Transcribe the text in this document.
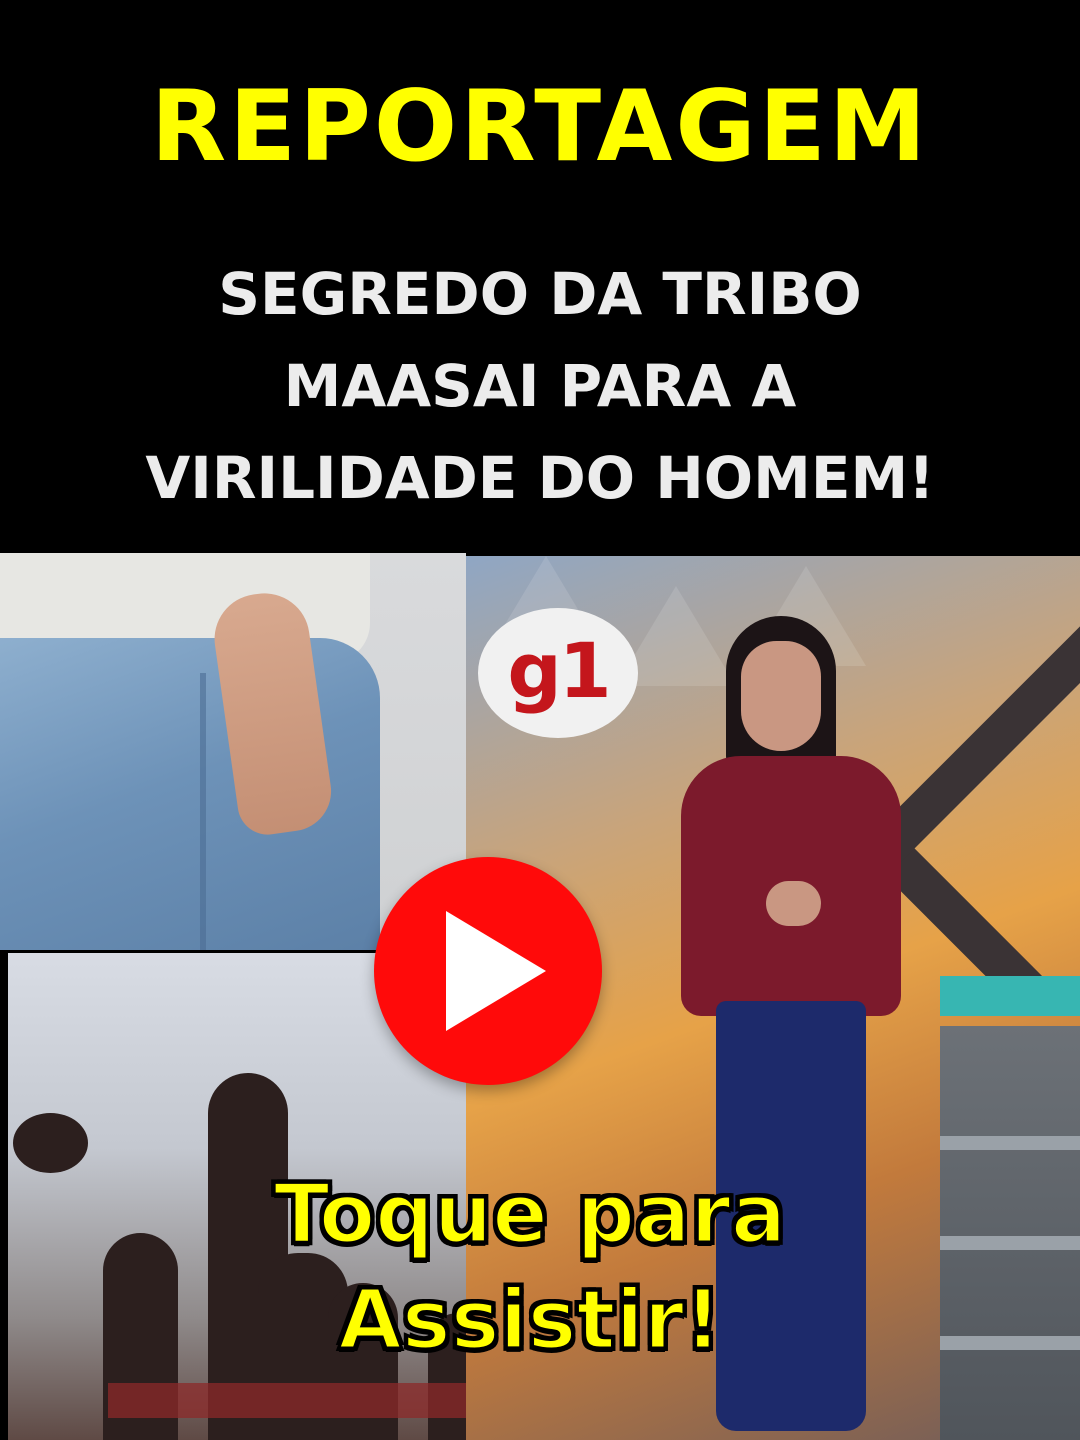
REPORTAGEM
SEGREDO DA TRIBO
MAASAI PARA A
VIRILIDADE DO HOMEM!
g1
Toque para
Assistir!
